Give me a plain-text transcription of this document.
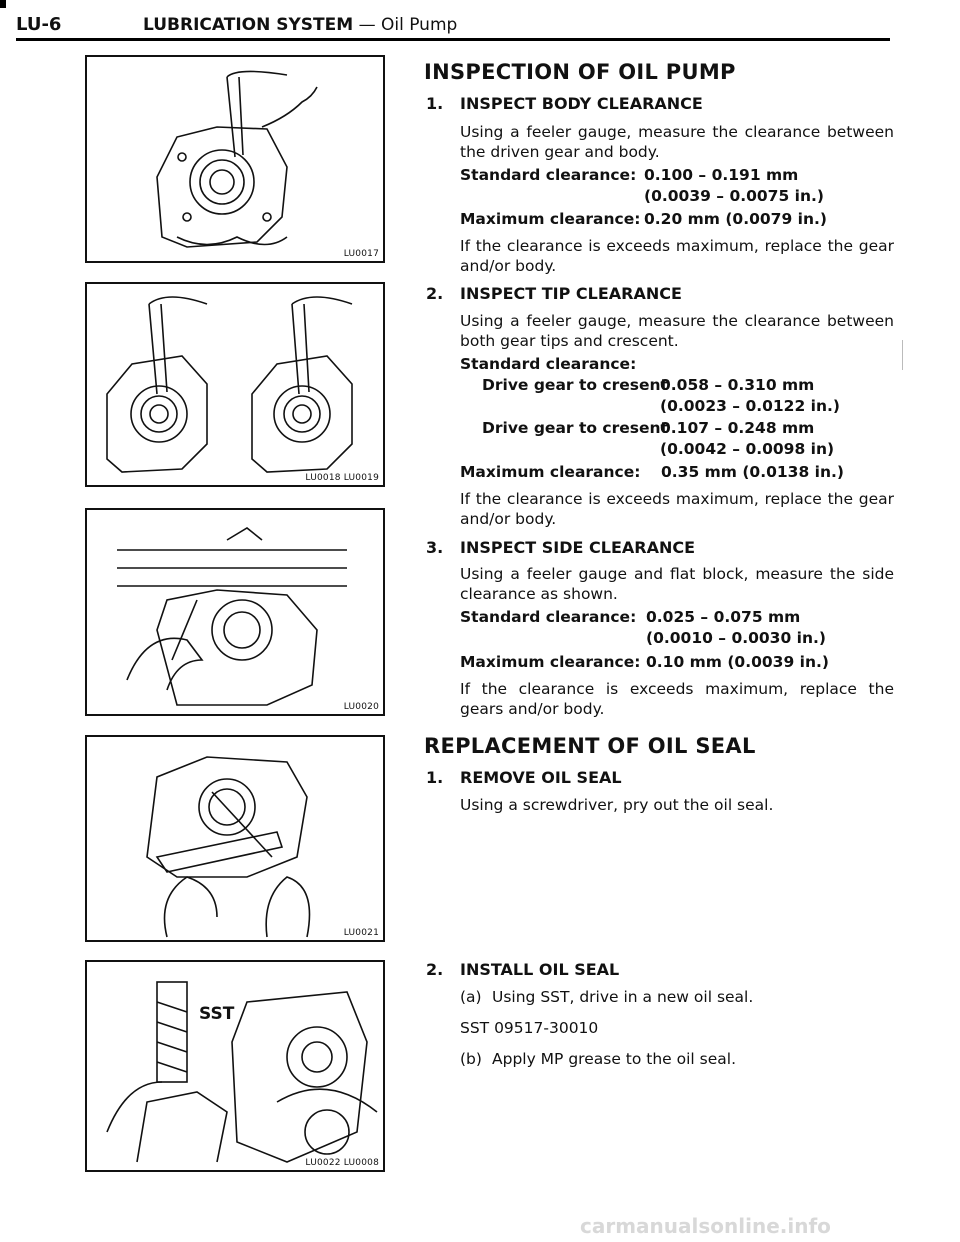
LU-6	LUBRICATION SYSTEM — Oil Pump
LU0017
LU0018 LU0019
LU0020
LU0021
SST
LU0022 LU0008
INSPECTION OF OIL PUMP
1. INSPECT BODY CLEARANCE
Using a feeler gauge, measure the clearance between the driven gear and body.
Standard clearance: 0.100 – 0.191 mm
(0.0039 – 0.0075 in.)
Maximum clearance: 0.20 mm (0.0079 in.)
If the clearance is exceeds maximum, replace the gear and/or body.
2. INSPECT TIP CLEARANCE
Using a feeler gauge, measure the clearance between both gear tips and crescent.
Standard clearance:
Drive gear to cresent
0.058 – 0.310 mm
(0.0023 – 0.0122 in.)
Drive gear to cresent
0.107 – 0.248 mm
(0.0042 – 0.0098 in)
Maximum clearance: 0.35 mm (0.0138 in.)
If the clearance is exceeds maximum, replace the gear and/or body.
3. INSPECT SIDE CLEARANCE
Using a feeler gauge and flat block, measure the side clearance as shown.
Standard clearance: 0.025 – 0.075 mm
(0.0010 – 0.0030 in.)
Maximum clearance: 0.10 mm (0.0039 in.)
If the clearance is exceeds maximum, replace the gears and/or body.
REPLACEMENT OF OIL SEAL
1. REMOVE OIL SEAL
Using a screwdriver, pry out the oil seal.
2. INSTALL OIL SEAL
(a) Using SST, drive in a new oil seal.
SST 09517-30010
(b) Apply MP grease to the oil seal.
carmanualsonline.info
